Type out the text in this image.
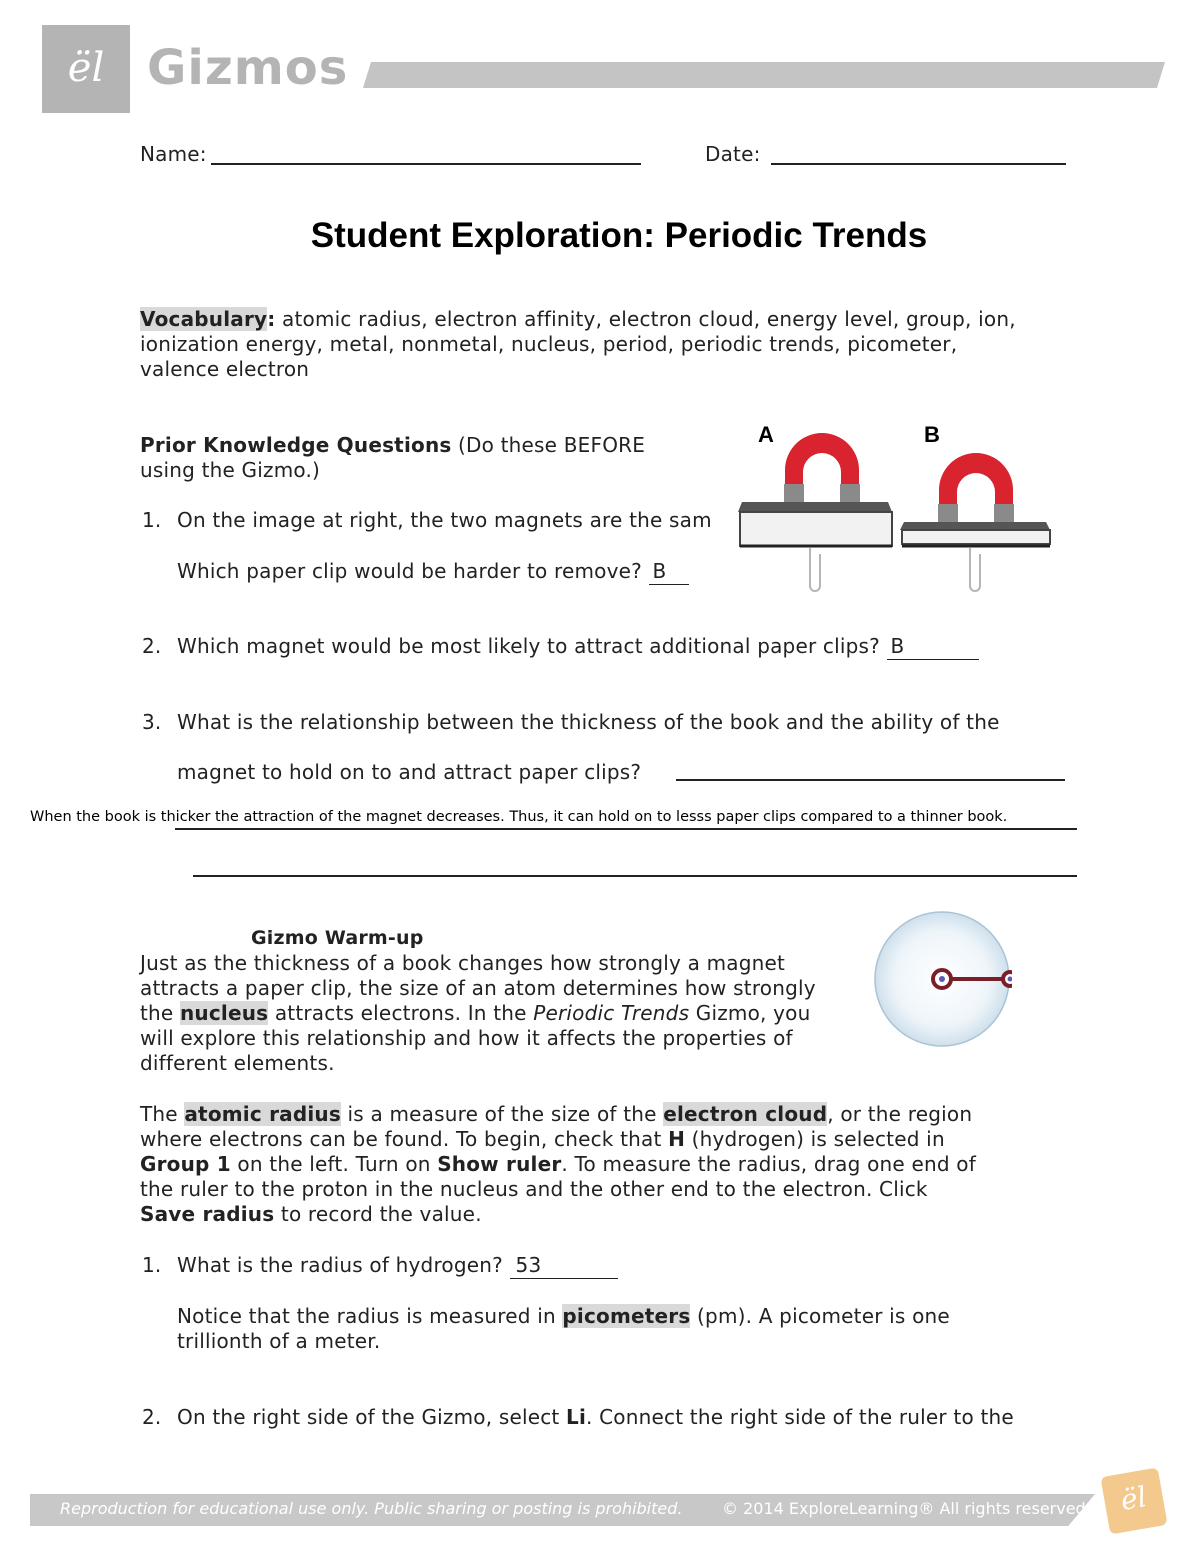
ël Gizmos
Name:	Date:
Student Exploration: Periodic Trends
Vocabulary: atomic radius, electron affinity, electron cloud, energy level, group, ion,
ionization energy, metal, nonmetal, nucleus, period, periodic trends, picometer,
valence electron
Prior Knowledge Questions (Do these BEFORE
using the Gizmo.)
A	B
1. On the image at right, the two magnets are the sam
Which paper clip would be harder to remove? B
2. Which magnet would be most likely to attract additional paper clips? B
3. What is the relationship between the thickness of the book and the ability of the
magnet to hold on to and attract paper clips?
When the book is thicker the attraction of the magnet decreases. Thus, it can hold on to lesss paper clips compared to a thinner book.
Gizmo Warm-up
Just as the thickness of a book changes how strongly a magnet
attracts a paper clip, the size of an atom determines how strongly
the nucleus attracts electrons. In the Periodic Trends Gizmo, you
will explore this relationship and how it affects the properties of
different elements.
The atomic radius is a measure of the size of the electron cloud, or the region
where electrons can be found. To begin, check that H (hydrogen) is selected in
Group 1 on the left. Turn on Show ruler. To measure the radius, drag one end of
the ruler to the proton in the nucleus and the other end to the electron. Click
Save radius to record the value.
1. What is the radius of hydrogen? 53
Notice that the radius is measured in picometers (pm). A picometer is one
trillionth of a meter.
2. On the right side of the Gizmo, select Li. Connect the right side of the ruler to the
Reproduction for educational use only. Public sharing or posting is prohibited. © 2014 ExploreLearning® All rights reserved	ël
